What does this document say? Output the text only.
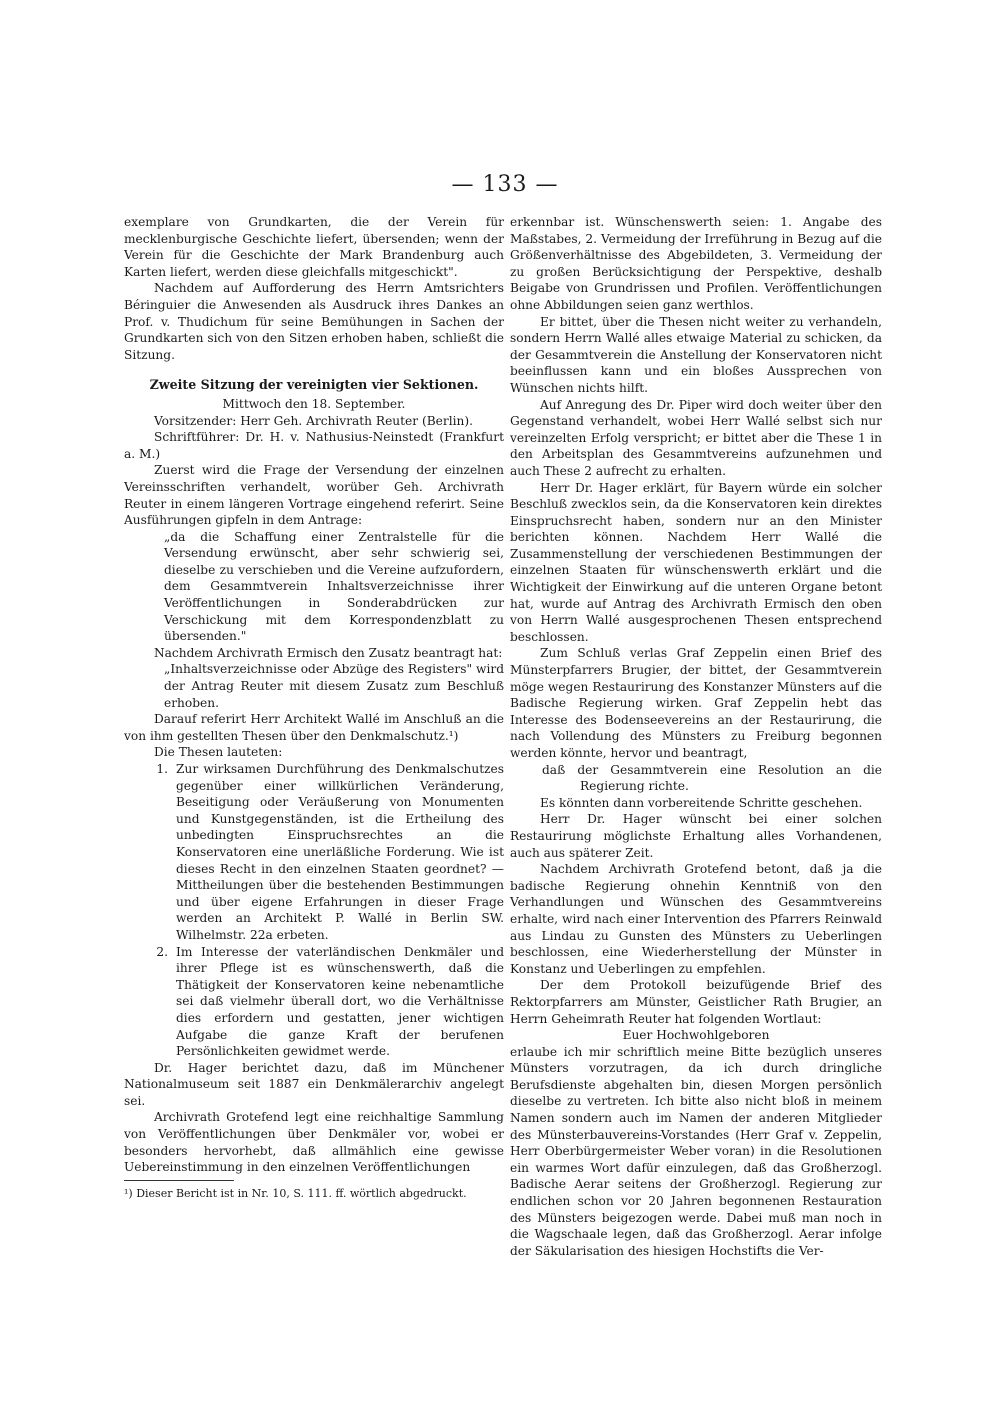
— 133 —

exemplare von Grundkarten, die der Verein für mecklenburgische Geschichte liefert, übersenden; wenn der Verein für die Geschichte der Mark Brandenburg auch Karten liefert, werden diese gleichfalls mitgeschickt".

Nachdem auf Aufforderung des Herrn Amtsrichters Béringuier die Anwesenden als Ausdruck ihres Dankes an Prof. v. Thudichum für seine Bemühungen in Sachen der Grundkarten sich von den Sitzen erhoben haben, schließt die Sitzung.

Zweite Sitzung der vereinigten vier Sektionen.

Mittwoch den 18. September.

Vorsitzender: Herr Geh. Archivrath Reuter (Berlin).

Schriftführer: Dr. H. v. Nathusius-Neinstedt (Frankfurt a. M.)

Zuerst wird die Frage der Versendung der einzelnen Vereinsschriften verhandelt, worüber Geh. Archivrath Reuter in einem längeren Vortrage eingehend referirt. Seine Ausführungen gipfeln in dem Antrage:

„da die Schaffung einer Zentralstelle für die Versendung erwünscht, aber sehr schwierig sei, dieselbe zu verschieben und die Vereine aufzufordern, dem Gesammtverein Inhaltsverzeichnisse ihrer Veröffentlichungen in Sonderabdrücken zur Verschickung mit dem Korrespondenzblatt zu übersenden."

Nachdem Archivrath Ermisch den Zusatz beantragt hat:

„Inhaltsverzeichnisse oder Abzüge des Registers" wird der Antrag Reuter mit diesem Zusatz zum Beschluß erhoben.

Darauf referirt Herr Architekt Wallé im Anschluß an die von ihm gestellten Thesen über den Denkmalschutz.¹)

Die Thesen lauteten:

1. Zur wirksamen Durchführung des Denkmalschutzes gegenüber einer willkürlichen Veränderung, Beseitigung oder Veräußerung von Monumenten und Kunstgegenständen, ist die Ertheilung des unbedingten Einspruchsrechtes an die Konservatoren eine unerläßliche Forderung. Wie ist dieses Recht in den einzelnen Staaten geordnet? — Mittheilungen über die bestehenden Bestimmungen und über eigene Erfahrungen in dieser Frage werden an Architekt P. Wallé in Berlin SW. Wilhelmstr. 22a erbeten.
2. Im Interesse der vaterländischen Denkmäler und ihrer Pflege ist es wünschenswerth, daß die Thätigkeit der Konservatoren keine nebenamtliche sei daß vielmehr überall dort, wo die Verhältnisse dies erfordern und gestatten, jener wichtigen Aufgabe die ganze Kraft der berufenen Persönlichkeiten gewidmet werde.

Dr. Hager berichtet dazu, daß im Münchener Nationalmuseum seit 1887 ein Denkmälerarchiv angelegt sei.

Archivrath Grotefend legt eine reichhaltige Sammlung von Veröffentlichungen über Denkmäler vor, wobei er besonders hervorhebt, daß allmählich eine gewisse Uebereinstimmung in den einzelnen Veröffentlichungen

¹) Dieser Bericht ist in Nr. 10, S. 111. ff. wörtlich abgedruckt.

erkennbar ist. Wünschenswerth seien: 1. Angabe des Maßstabes, 2. Vermeidung der Irreführung in Bezug auf die Größenverhältnisse des Abgebildeten, 3. Vermeidung der zu großen Berücksichtigung der Perspektive, deshalb Beigabe von Grundrissen und Profilen. Veröffentlichungen ohne Abbildungen seien ganz werthlos.

Er bittet, über die Thesen nicht weiter zu verhandeln, sondern Herrn Wallé alles etwaige Material zu schicken, da der Gesammtverein die Anstellung der Konservatoren nicht beeinflussen kann und ein bloßes Aussprechen von Wünschen nichts hilft.

Auf Anregung des Dr. Piper wird doch weiter über den Gegenstand verhandelt, wobei Herr Wallé selbst sich nur vereinzelten Erfolg verspricht; er bittet aber die These 1 in den Arbeitsplan des Gesammtvereins aufzunehmen und auch These 2 aufrecht zu erhalten.

Herr Dr. Hager erklärt, für Bayern würde ein solcher Beschluß zwecklos sein, da die Konservatoren kein direktes Einspruchsrecht haben, sondern nur an den Minister berichten können. Nachdem Herr Wallé die Zusammenstellung der verschiedenen Bestimmungen der einzelnen Staaten für wünschenswerth erklärt und die Wichtigkeit der Einwirkung auf die unteren Organe betont hat, wurde auf Antrag des Archivrath Ermisch den oben von Herrn Wallé ausgesprochenen Thesen entsprechend beschlossen.

Zum Schluß verlas Graf Zeppelin einen Brief des Münsterpfarrers Brugier, der bittet, der Gesammtverein möge wegen Restaurirung des Konstanzer Münsters auf die Badische Regierung wirken. Graf Zeppelin hebt das Interesse des Bodenseevereins an der Restaurirung, die nach Vollendung des Münsters zu Freiburg begonnen werden könnte, hervor und beantragt,

daß der Gesammtverein eine Resolution an die Regierung richte.

Es könnten dann vorbereitende Schritte geschehen.

Herr Dr. Hager wünscht bei einer solchen Restaurirung möglichste Erhaltung alles Vorhandenen, auch aus späterer Zeit.

Nachdem Archivrath Grotefend betont, daß ja die badische Regierung ohnehin Kenntniß von den Verhandlungen und Wünschen des Gesammtvereins erhalte, wird nach einer Intervention des Pfarrers Reinwald aus Lindau zu Gunsten des Münsters zu Ueberlingen beschlossen, eine Wiederherstellung der Münster in Konstanz und Ueberlingen zu empfehlen.

Der dem Protokoll beizufügende Brief des Rektorpfarrers am Münster, Geistlicher Rath Brugier, an Herrn Geheimrath Reuter hat folgenden Wortlaut:

Euer Hochwohlgeboren

erlaube ich mir schriftlich meine Bitte bezüglich unseres Münsters vorzutragen, da ich durch dringliche Berufsdienste abgehalten bin, diesen Morgen persönlich dieselbe zu vertreten. Ich bitte also nicht bloß in meinem Namen sondern auch im Namen der anderen Mitglieder des Münsterbauvereins-Vorstandes (Herr Graf v. Zeppelin, Herr Oberbürgermeister Weber voran) in die Resolutionen ein warmes Wort dafür einzulegen, daß das Großherzogl. Badische Aerar seitens der Großherzogl. Regierung zur endlichen schon vor 20 Jahren begonnenen Restauration des Münsters beigezogen werde. Dabei muß man noch in die Wagschaale legen, daß das Großherzogl. Aerar infolge der Säkularisation des hiesigen Hochstifts die Ver-
